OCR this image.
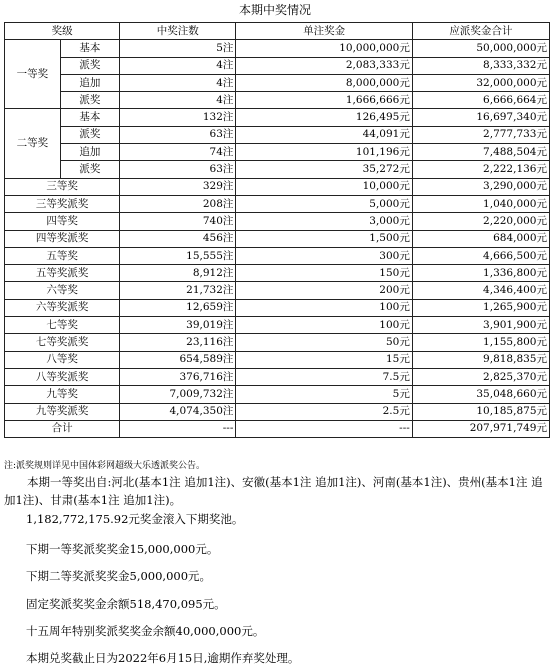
本期中奖情况
奖级		中奖注数	单注奖金	应派奖金合计
一等奖	基本	5注	10,000,000元	50,000,000元
	派奖	4注	2,083,333元	8,333,332元
	追加	4注	8,000,000元	32,000,000元
	派奖	4注	1,666,666元	6,666,664元
二等奖	基本	132注	126,495元	16,697,340元
	派奖	63注	44,091元	2,777,733元
	追加	74注	101,196元	7,488,504元
	派奖	63注	35,272元	2,222,136元
三等奖		329注	10,000元	3,290,000元
三等奖派奖		208注	5,000元	1,040,000元
四等奖		740注	3,000元	2,220,000元
四等奖派奖		456注	1,500元	684,000元
五等奖		15,555注	300元	4,666,500元
五等奖派奖		8,912注	150元	1,336,800元
六等奖		21,732注	200元	4,346,400元
六等奖派奖		12,659注	100元	1,265,900元
七等奖		39,019注	100元	3,901,900元
七等奖派奖		23,116注	50元	1,155,800元
八等奖		654,589注	15元	9,818,835元
八等奖派奖		376,716注	7.5元	2,825,370元
九等奖		7,009,732注	5元	35,048,660元
九等奖派奖		4,074,350注	2.5元	10,185,875元
合计		---	---	207,971,749元
注:派奖规则详见中国体彩网超级大乐透派奖公告。
本期一等奖出自:河北(基本1注 追加1注)、安徽(基本1注 追加1注)、河南(基本1注)、贵州(基本1注 追加1注)、甘肃(基本1注 追加1注)。
1,182,772,175.92元奖金滚入下期奖池。
下期一等奖派奖奖金15,000,000元。
下期二等奖派奖奖金5,000,000元。
固定奖派奖奖金余额518,470,095元。
十五周年特别奖派奖奖金余额40,000,000元。
本期兑奖截止日为2022年6月15日,逾期作弃奖处理。
